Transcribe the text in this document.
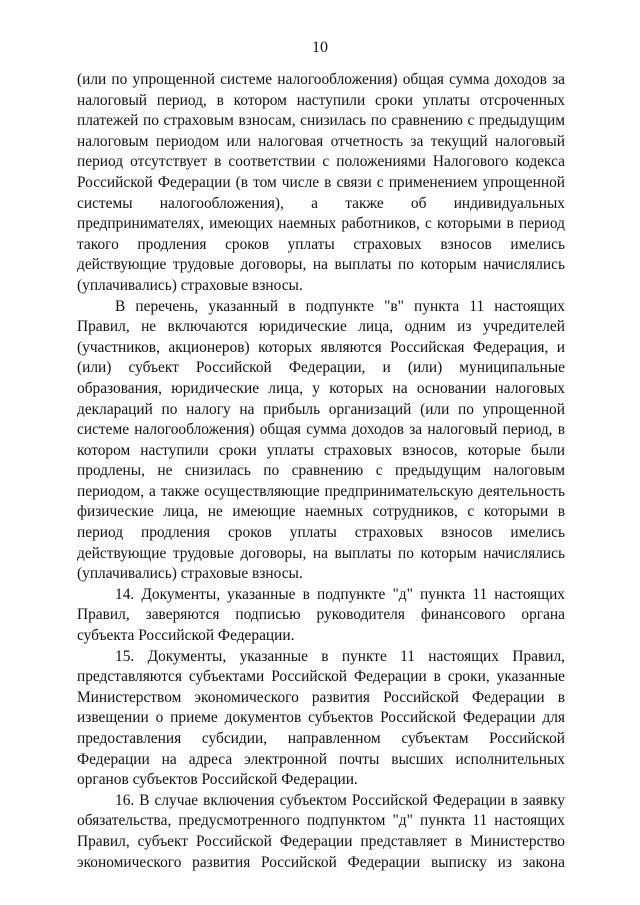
10

(или по упрощенной системе налогообложения) общая сумма доходов за налоговый период, в котором наступили сроки уплаты отсроченных платежей по страховым взносам, снизилась по сравнению с предыдущим налоговым периодом или налоговая отчетность за текущий налоговый период отсутствует в соответствии с положениями Налогового кодекса Российской Федерации (в том числе в связи с применением упрощенной системы налогообложения), а также об индивидуальных предпринимателях, имеющих наемных работников, с которыми в период такого продления сроков уплаты страховых взносов имелись действующие трудовые договоры, на выплаты по которым начислялись (уплачивались) страховые взносы.

В перечень, указанный в подпункте "в" пункта 11 настоящих Правил, не включаются юридические лица, одним из учредителей (участников, акционеров) которых являются Российская Федерация, и (или) субъект Российской Федерации, и (или) муниципальные образования, юридические лица, у которых на основании налоговых деклараций по налогу на прибыль организаций (или по упрощенной системе налогообложения) общая сумма доходов за налоговый период, в котором наступили сроки уплаты страховых взносов, которые были продлены, не снизилась по сравнению с предыдущим налоговым периодом, а также осуществляющие предпринимательскую деятельность физические лица, не имеющие наемных сотрудников, с которыми в период продления сроков уплаты страховых взносов имелись действующие трудовые договоры, на выплаты по которым начислялись (уплачивались) страховые взносы.

14. Документы, указанные в подпункте "д" пункта 11 настоящих Правил, заверяются подписью руководителя финансового органа субъекта Российской Федерации.

15. Документы, указанные в пункте 11 настоящих Правил, представляются субъектами Российской Федерации в сроки, указанные Министерством экономического развития Российской Федерации в извещении о приеме документов субъектов Российской Федерации для предоставления субсидии, направленном субъектам Российской Федерации на адреса электронной почты высших исполнительных органов субъектов Российской Федерации.

16. В случае включения субъектом Российской Федерации в заявку обязательства, предусмотренного подпунктом "д" пункта 11 настоящих Правил, субъект Российской Федерации представляет в Министерство экономического развития Российской Федерации выписку из закона
